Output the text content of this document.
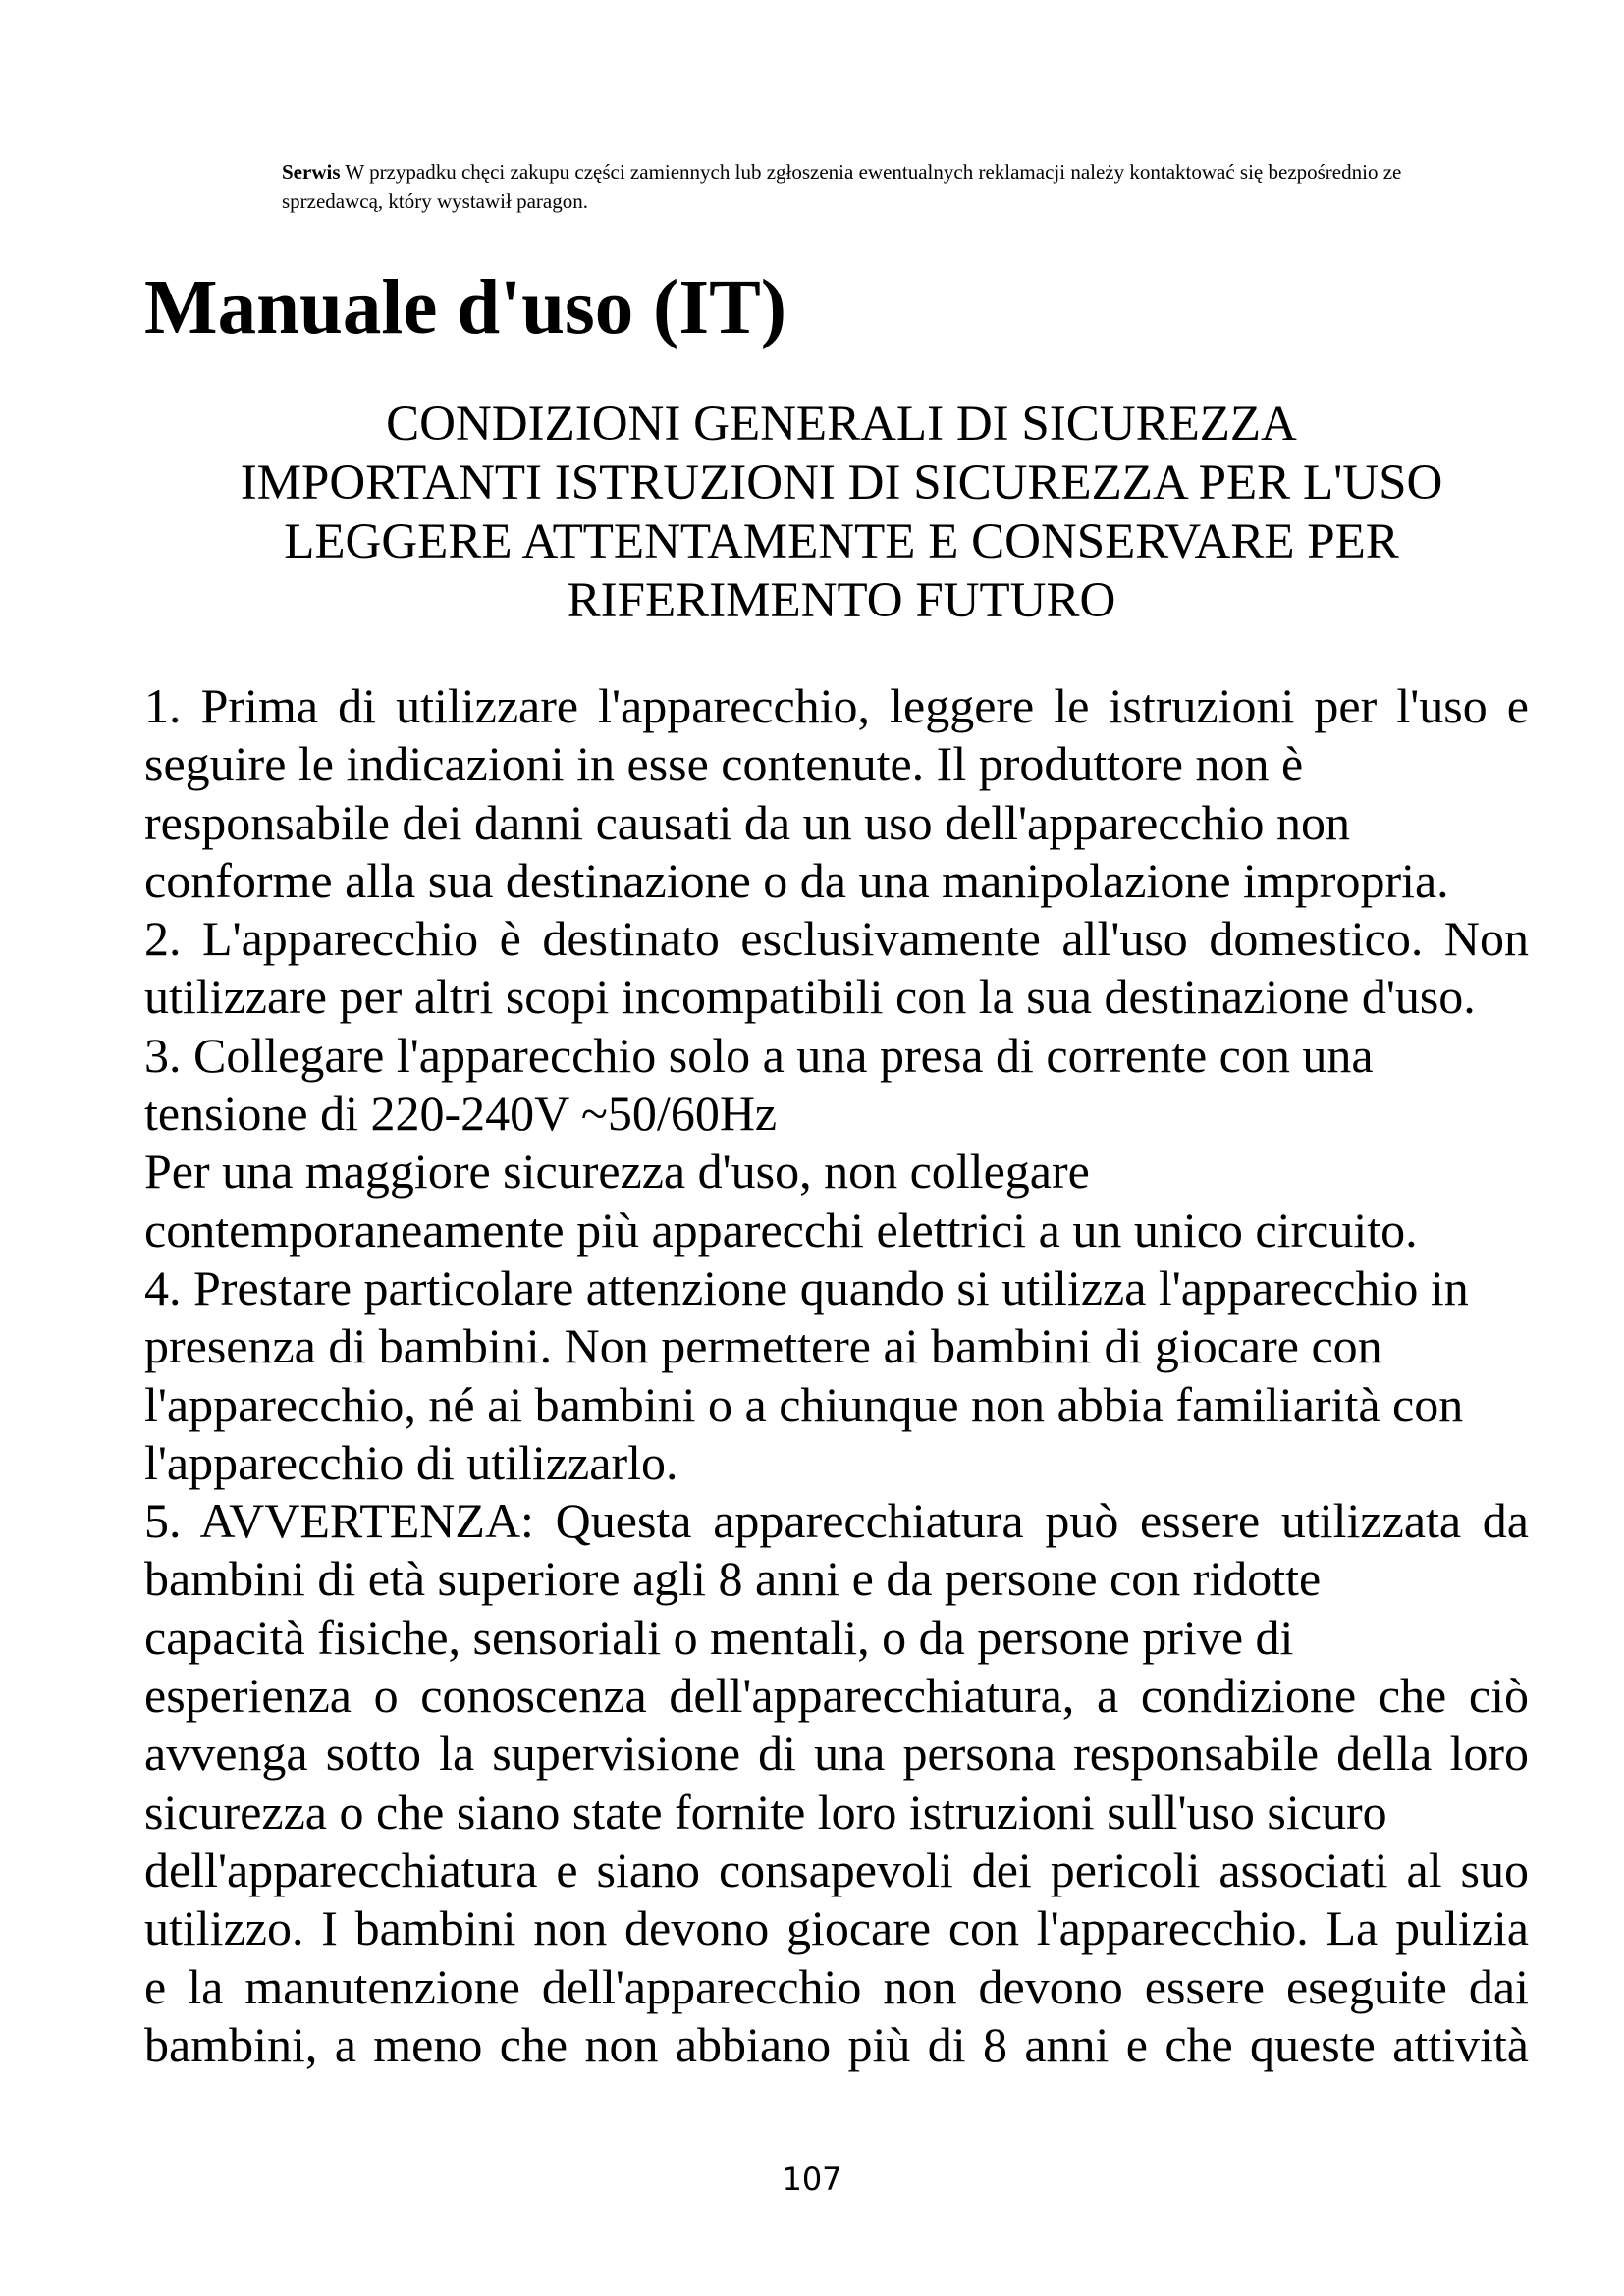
Serwis W przypadku chęci zakupu części zamiennych lub zgłoszenia ewentualnych reklamacji należy kontaktować się bezpośrednio ze
sprzedawcą, który wystawił paragon.
Manuale d'uso (IT)
CONDIZIONI GENERALI DI SICUREZZA
IMPORTANTI ISTRUZIONI DI SICUREZZA PER L'USO
LEGGERE ATTENTAMENTE E CONSERVARE PER
RIFERIMENTO FUTURO
1. Prima di utilizzare l'apparecchio, leggere le istruzioni per l'uso e
seguire le indicazioni in esse contenute. Il produttore non è
responsabile dei danni causati da un uso dell'apparecchio non
conforme alla sua destinazione o da una manipolazione impropria.
2. L'apparecchio è destinato esclusivamente all'uso domestico. Non
utilizzare per altri scopi incompatibili con la sua destinazione d'uso.
3. Collegare l'apparecchio solo a una presa di corrente con una
tensione di 220-240V ~50/60Hz
Per una maggiore sicurezza d'uso, non collegare
contemporaneamente più apparecchi elettrici a un unico circuito.
4. Prestare particolare attenzione quando si utilizza l'apparecchio in
presenza di bambini. Non permettere ai bambini di giocare con
l'apparecchio, né ai bambini o a chiunque non abbia familiarità con
l'apparecchio di utilizzarlo.
5. AVVERTENZA: Questa apparecchiatura può essere utilizzata da
bambini di età superiore agli 8 anni e da persone con ridotte
capacità fisiche, sensoriali o mentali, o da persone prive di
esperienza o conoscenza dell'apparecchiatura, a condizione che ciò
avvenga sotto la supervisione di una persona responsabile della loro
sicurezza o che siano state fornite loro istruzioni sull'uso sicuro
dell'apparecchiatura e siano consapevoli dei pericoli associati al suo
utilizzo. I bambini non devono giocare con l'apparecchio. La pulizia
e la manutenzione dell'apparecchio non devono essere eseguite dai
bambini, a meno che non abbiano più di 8 anni e che queste attività
107
